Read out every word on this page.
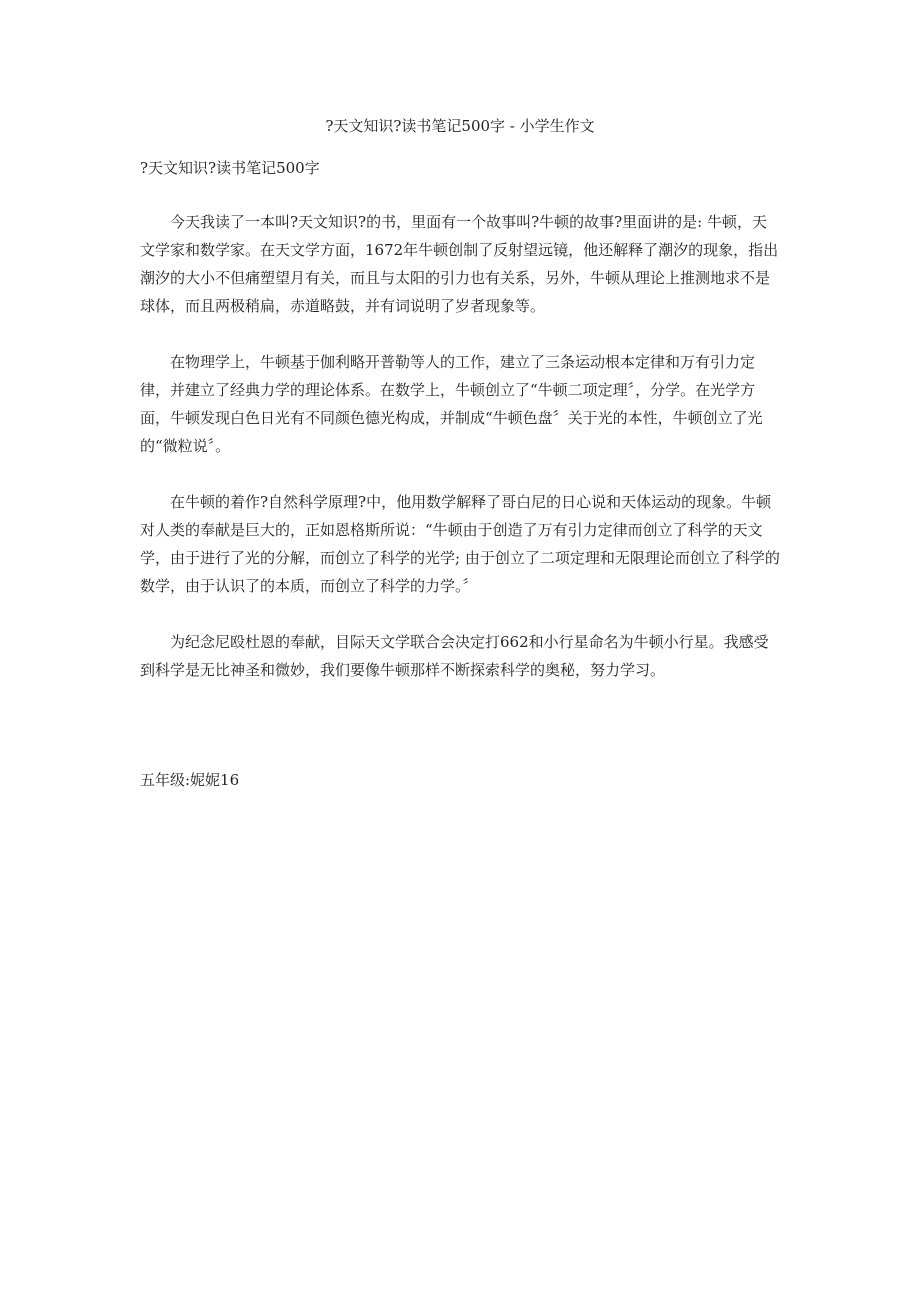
?天文知识?读书笔记500字 - 小学生作文
?天文知识?读书笔记500字

今天我读了一本叫?天文知识?的书，里面有一个故事叫?牛顿的故事?里面讲的是: 牛顿，天文学家和数学家。在天文学方面，1672年牛顿创制了反射望远镜，他还解释了潮汐的现象，指出潮汐的大小不但痛塑望月有关，而且与太阳的引力也有关系，另外，牛顿从理论上推测地求不是球体，而且两极稍扁，赤道略鼓，并有词说明了岁者现象等。

在物理学上，牛顿基于伽利略开普勒等人的工作，建立了三条运动根本定律和万有引力定律，并建立了经典力学的理论体系。在数学上，牛顿创立了“牛顿二项定理〞，分学。在光学方面，牛顿发现白色日光有不同颜色德光构成，并制成“牛顿色盘〞关于光的本性，牛顿创立了光的“微粒说〞。

在牛顿的着作?自然科学原理?中，他用数学解释了哥白尼的日心说和天体运动的现象。牛顿对人类的奉献是巨大的，正如恩格斯所说：“牛顿由于创造了万有引力定律而创立了科学的天文学，由于进行了光的分解，而创立了科学的光学; 由于创立了二项定理和无限理论而创立了科学的数学，由于认识了的本质，而创立了科学的力学。〞

为纪念尼殴杜恩的奉献，目际天文学联合会决定打662和小行星命名为牛顿小行星。我感受到科学是无比神圣和微妙，我们要像牛顿那样不断探索科学的奥秘，努力学习。

五年级:妮妮16
